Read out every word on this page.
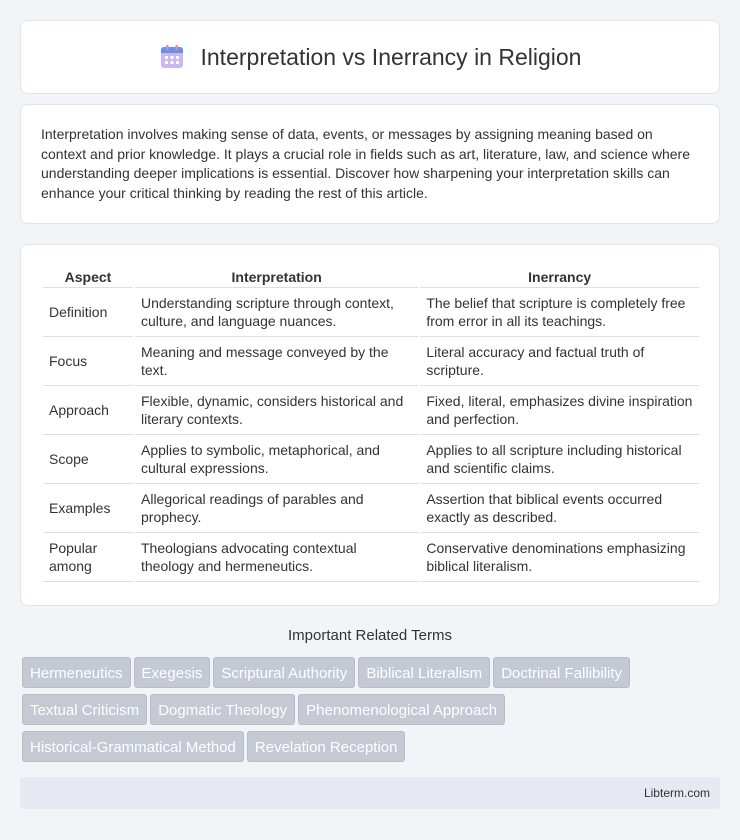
Interpretation vs Inerrancy in Religion

Interpretation involves making sense of data, events, or messages by assigning meaning based on context and prior knowledge. It plays a crucial role in fields such as art, literature, law, and science where understanding deeper implications is essential. Discover how sharpening your interpretation skills can enhance your critical thinking by reading the rest of this article.

Aspect	Interpretation	Inerrancy
Definition	Understanding scripture through context, culture, and language nuances.	The belief that scripture is completely free from error in all its teachings.
Focus	Meaning and message conveyed by the text.	Literal accuracy and factual truth of scripture.
Approach	Flexible, dynamic, considers historical and literary contexts.	Fixed, literal, emphasizes divine inspiration and perfection.
Scope	Applies to symbolic, metaphorical, and cultural expressions.	Applies to all scripture including historical and scientific claims.
Examples	Allegorical readings of parables and prophecy.	Assertion that biblical events occurred exactly as described.
Popular among	Theologians advocating contextual theology and hermeneutics.	Conservative denominations emphasizing biblical literalism.
Important Related Terms
Hermeneutics Exegesis Scriptural Authority Biblical Literalism Doctrinal Fallibility
Textual Criticism Dogmatic Theology Phenomenological Approach
Historical-Grammatical Method Revelation Reception
Libterm.com
